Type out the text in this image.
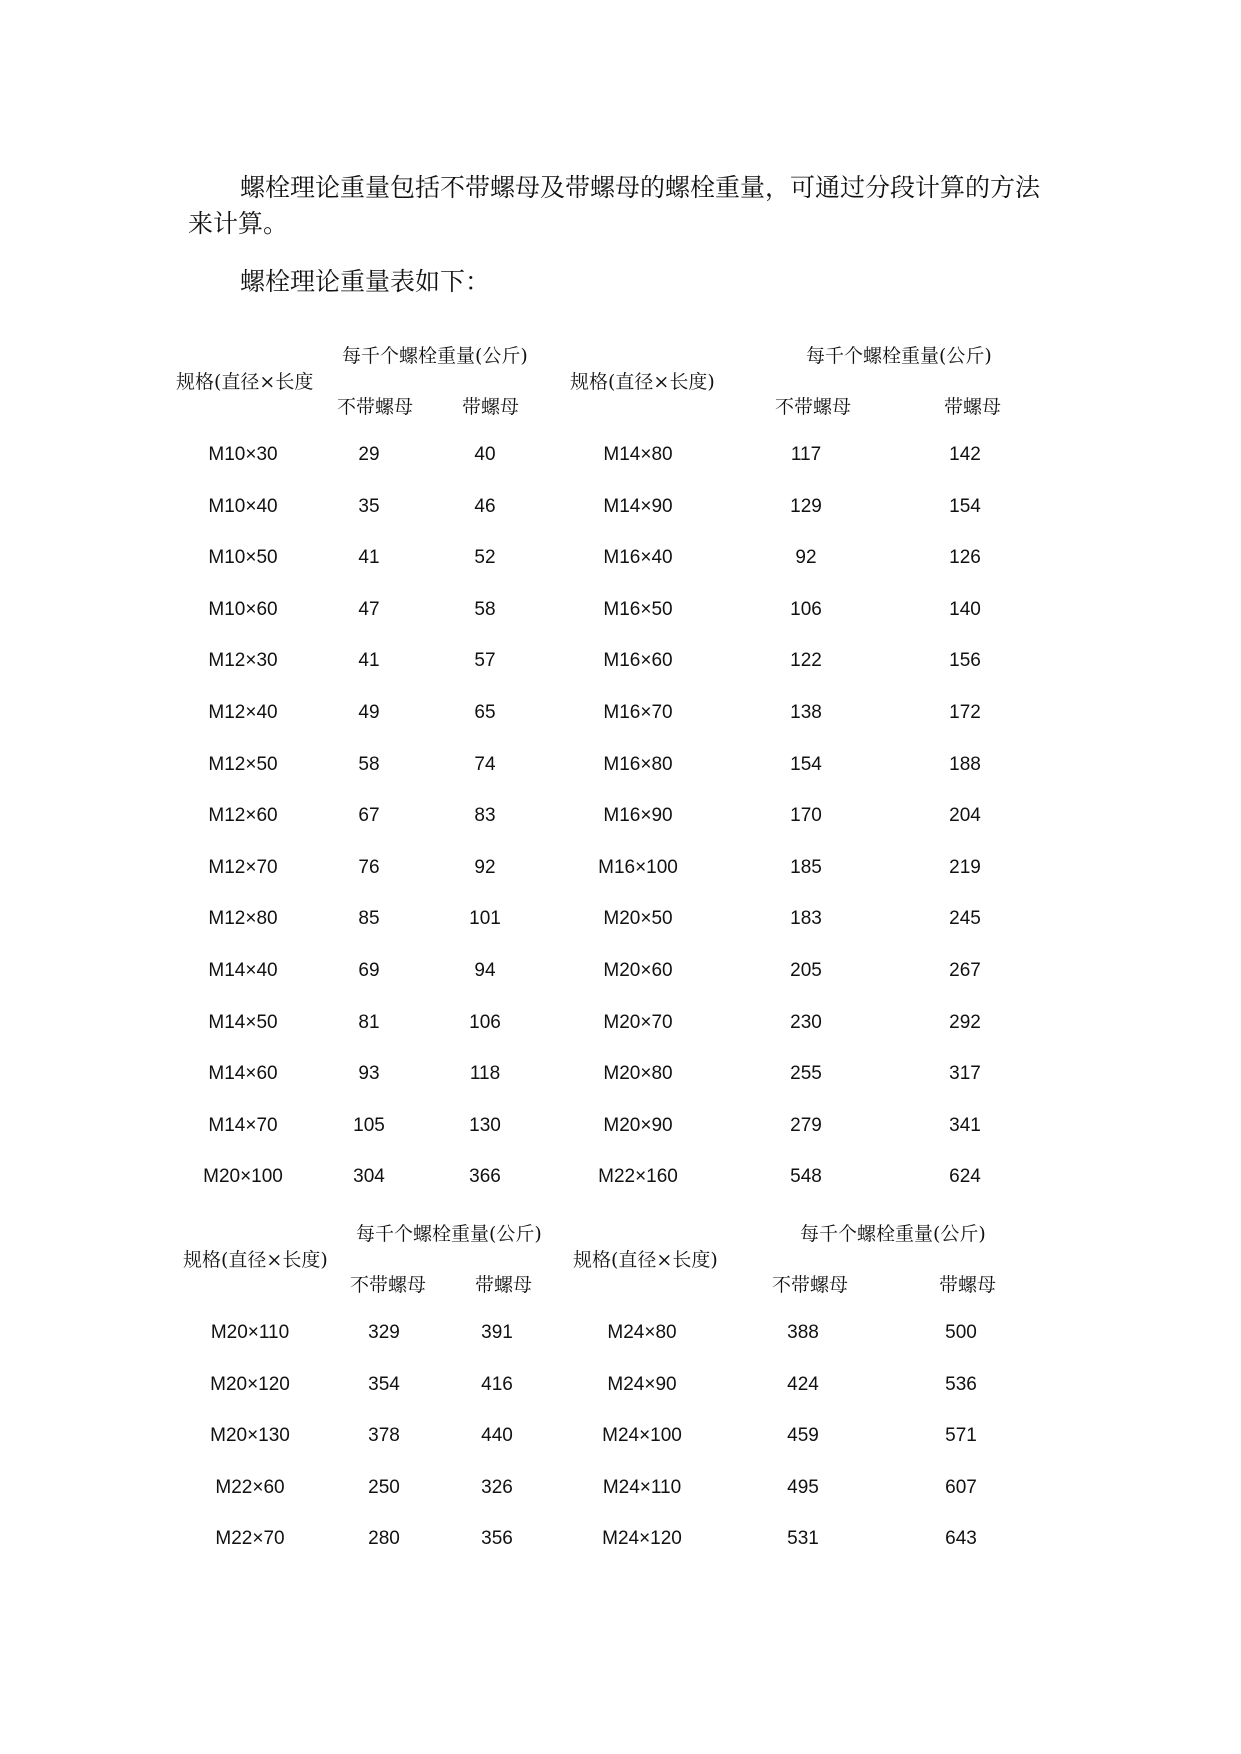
螺栓理论重量包括不带螺母及带螺母的螺栓重量，可通过分段计算的方法来计算。

螺栓理论重量表如下：

规格(直径×长度
每千个螺栓重量(公斤)
不带螺母	带螺母
规格(直径×长度)
每千个螺栓重量(公斤)
不带螺母	带螺母
M10×30	29	40
M10×40	35	46
M10×50	41	52
M10×60	47	58
M12×30	41	57
M12×40	49	65
M12×50	58	74
M12×60	67	83
M12×70	76	92
M12×80	85	101
M14×40	69	94
M14×50	81	106
M14×60	93	118
M14×70	105	130
M20×100	304	366
M14×80	117	142
M14×90	129	154
M16×40	92	126
M16×50	106	140
M16×60	122	156
M16×70	138	172
M16×80	154	188
M16×90	170	204
M16×100	185	219
M20×50	183	245
M20×60	205	267
M20×70	230	292
M20×80	255	317
M20×90	279	341
M22×160	548	624
规格(直径×长度)
每千个螺栓重量(公斤)
不带螺母	带螺母
规格(直径×长度)
每千个螺栓重量(公斤)
不带螺母	带螺母
M20×110	329	391
M20×120	354	416
M20×130	378	440
M22×60	250	326
M22×70	280	356
M24×80	388	500
M24×90	424	536
M24×100	459	571
M24×110	495	607
M24×120	531	643
